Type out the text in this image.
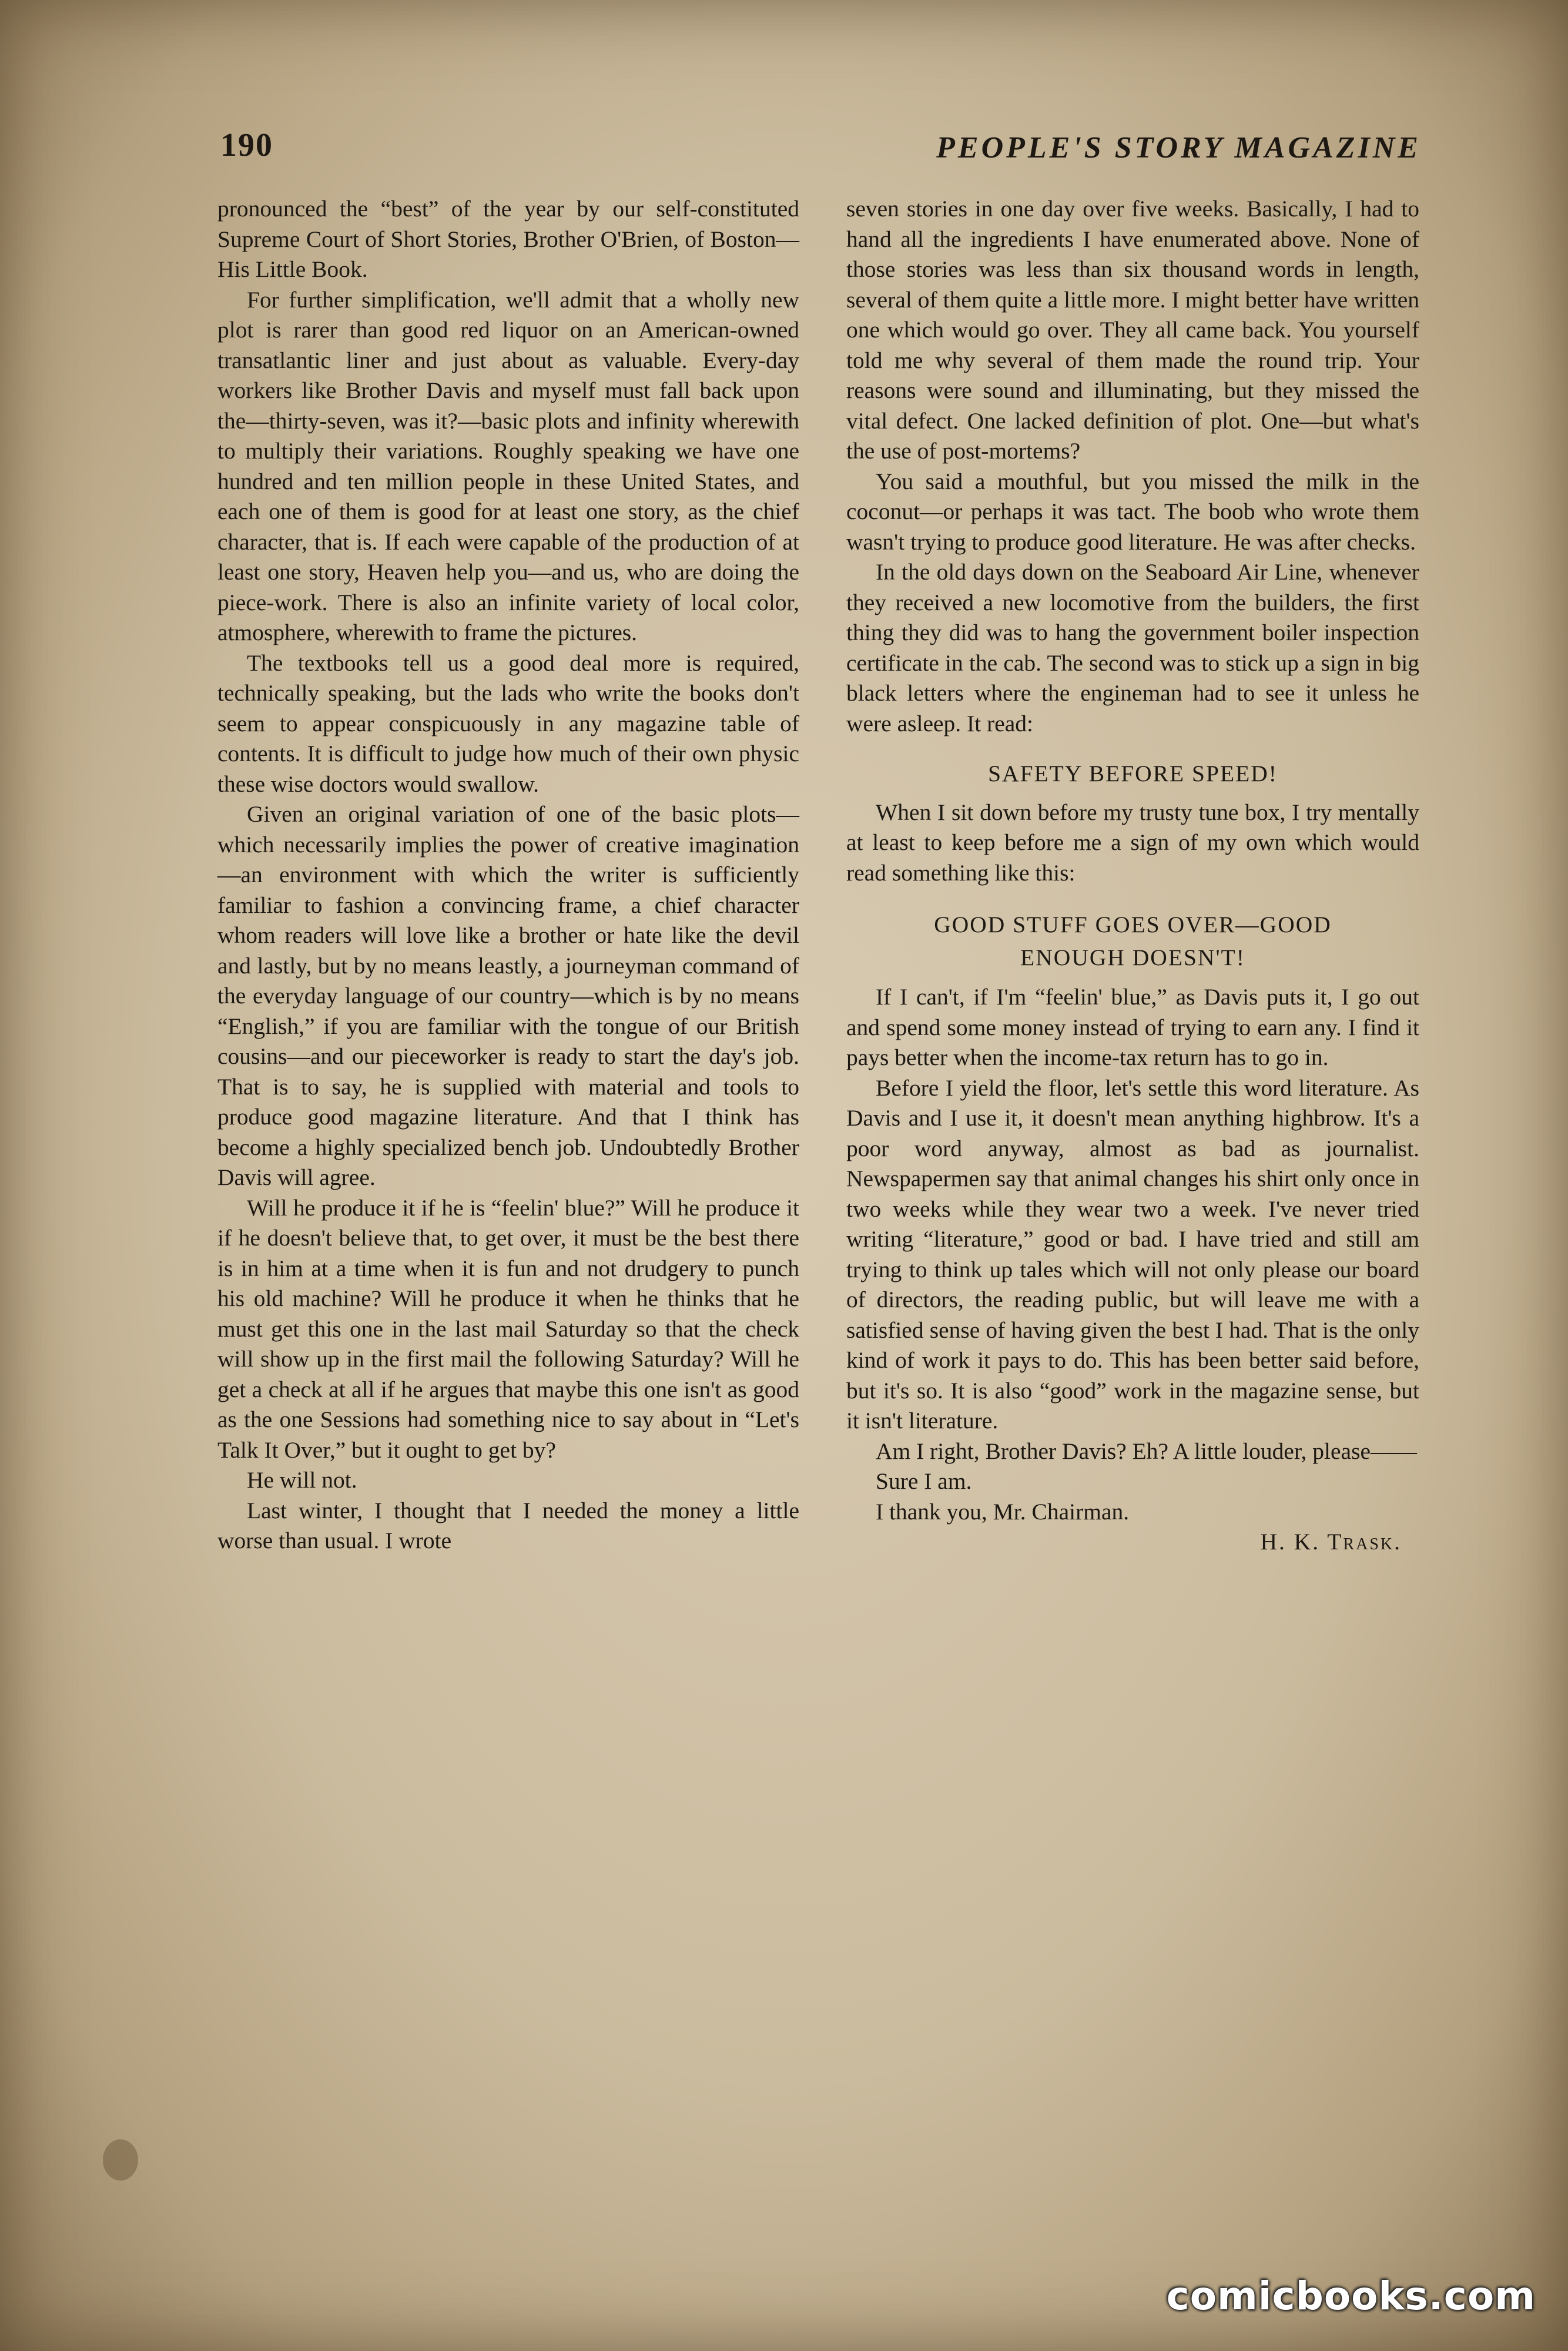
190	PEOPLE'S STORY MAGAZINE

pronounced the “best” of the year by our self-constituted Supreme Court of Short Stories, Brother O'Brien, of Boston—His Little Book.

For further simplification, we'll admit that a wholly new plot is rarer than good red liquor on an American-owned transatlantic liner and just about as valuable. Every-day workers like Brother Davis and myself must fall back upon the—thirty-seven, was it?—basic plots and infinity wherewith to multiply their variations. Roughly speaking we have one hundred and ten million people in these United States, and each one of them is good for at least one story, as the chief character, that is. If each were capable of the production of at least one story, Heaven help you—and us, who are doing the piece-work. There is also an infinite variety of local color, atmosphere, wherewith to frame the pictures.

The textbooks tell us a good deal more is required, technically speaking, but the lads who write the books don't seem to appear conspicuously in any magazine table of contents. It is difficult to judge how much of their own physic these wise doctors would swallow.

Given an original variation of one of the basic plots—which necessarily implies the power of creative imagination—an environment with which the writer is sufficiently familiar to fashion a convincing frame, a chief character whom readers will love like a brother or hate like the devil and lastly, but by no means leastly, a journeyman command of the everyday language of our country—which is by no means “English,” if you are familiar with the tongue of our British cousins—and our pieceworker is ready to start the day's job. That is to say, he is supplied with material and tools to produce good magazine literature. And that I think has become a highly specialized bench job. Undoubtedly Brother Davis will agree.

Will he produce it if he is “feelin' blue?” Will he produce it if he doesn't believe that, to get over, it must be the best there is in him at a time when it is fun and not drudgery to punch his old machine? Will he produce it when he thinks that he must get this one in the last mail Saturday so that the check will show up in the first mail the following Saturday? Will he get a check at all if he argues that maybe this one isn't as good as the one Sessions had something nice to say about in “Let's Talk It Over,” but it ought to get by?

He will not.

Last winter, I thought that I needed the money a little worse than usual. I wrote

seven stories in one day over five weeks. Basically, I had to hand all the ingredients I have enumerated above. None of those stories was less than six thousand words in length, several of them quite a little more. I might better have written one which would go over. They all came back. You yourself told me why several of them made the round trip. Your reasons were sound and illuminating, but they missed the vital defect. One lacked definition of plot. One—but what's the use of post-mortems?

You said a mouthful, but you missed the milk in the coconut—or perhaps it was tact. The boob who wrote them wasn't trying to produce good literature. He was after checks.

In the old days down on the Seaboard Air Line, whenever they received a new locomotive from the builders, the first thing they did was to hang the government boiler inspection certificate in the cab. The second was to stick up a sign in big black letters where the engineman had to see it unless he were asleep. It read:

SAFETY BEFORE SPEED!

When I sit down before my trusty tune box, I try mentally at least to keep before me a sign of my own which would read something like this:

GOOD STUFF GOES OVER—GOOD
ENOUGH DOESN'T!

If I can't, if I'm “feelin' blue,” as Davis puts it, I go out and spend some money instead of trying to earn any. I find it pays better when the income-tax return has to go in.

Before I yield the floor, let's settle this word literature. As Davis and I use it, it doesn't mean anything highbrow. It's a poor word anyway, almost as bad as journalist. Newspapermen say that animal changes his shirt only once in two weeks while they wear two a week. I've never tried writing “literature,” good or bad. I have tried and still am trying to think up tales which will not only please our board of directors, the reading public, but will leave me with a satisfied sense of having given the best I had. That is the only kind of work it pays to do. This has been better said before, but it's so. It is also “good” work in the magazine sense, but it isn't literature.

Am I right, Brother Davis? Eh? A little louder, please——

Sure I am.

I thank you, Mr. Chairman.

H. K. Trask.

comicbooks.com
